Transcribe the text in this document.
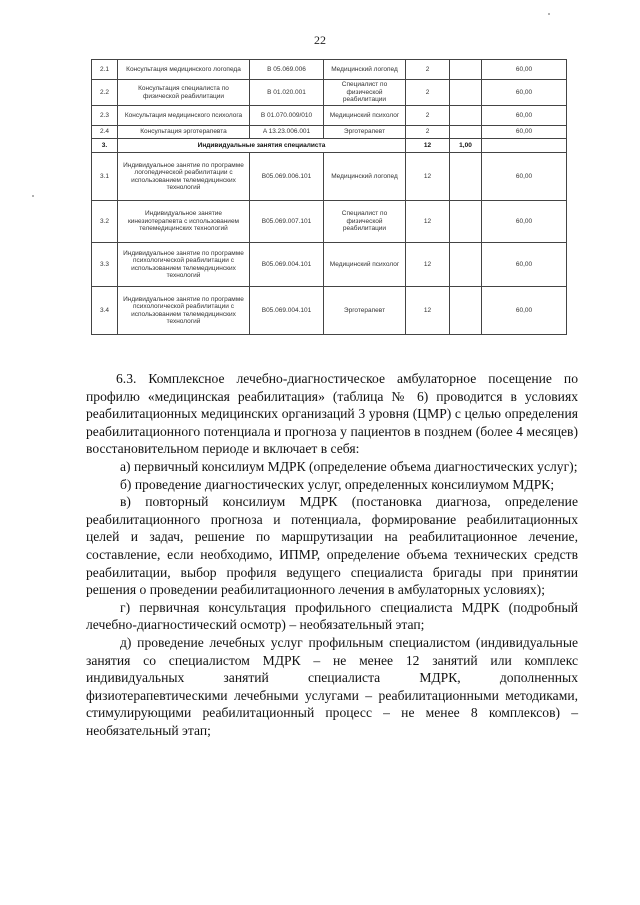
22
2.1	Консультация медицинского логопеда	B 05.069.006	Медицинский логопед	2		60,00
2.2	Консультация специалиста по физической реабилитации	B 01.020.001	Специалист по физической реабилитации	2		60,00
2.3	Консультация медицинского психолога	B 01.070.009/010	Медицинский психолог	2		60,00
2.4	Консультация эрготерапевта	A 13.23.006.001	Эрготерапевт	2		60,00
3.	Индивидуальные занятия специалиста			12	1,00	
3.1	Индивидуальное занятие по программе логопедической реабилитации с использованием телемедицинских технологий	B05.069.006.101	Медицинский логопед	12		60,00
3.2	Индивидуальное занятие кинезиотерапевта с использованием телемедицинских технологий	B05.069.007.101	Специалист по физической реабилитации	12		60,00
3.3	Индивидуальное занятие по программе психологической реабилитации с использованием телемедицинских технологий	B05.069.004.101	Медицинский психолог	12		60,00
3.4	Индивидуальное занятие по программе психологической реабилитации с использованием телемедицинских технологий	B05.069.004.101	Эрготерапевт	12		60,00

6.3. Комплексное лечебно-диагностическое амбулаторное посещение по профилю «медицинская реабилитация» (таблица № 6) проводится в условиях реабилитационных медицинских организаций 3 уровня (ЦМР) с целью определения реабилитационного потенциала и прогноза у пациентов в позднем (более 4 месяцев) восстановительном периоде и включает в себя:

а) первичный консилиум МДРК (определение объема диагностических услуг);

б) проведение диагностических услуг, определенных консилиумом МДРК;

в) повторный консилиум МДРК (постановка диагноза, определение реабилитационного прогноза и потенциала, формирование реабилитационных целей и задач, решение по маршрутизации на реабилитационное лечение, составление, если необходимо, ИПМР, определение объема технических средств реабилитации, выбор профиля ведущего специалиста бригады при принятии решения о проведении реабилитационного лечения в амбулаторных условиях);

г) первичная консультация профильного специалиста МДРК (подробный лечебно-диагностический осмотр) – необязательный этап;

д) проведение лечебных услуг профильным специалистом (индивидуальные занятия со специалистом МДРК – не менее 12 занятий или комплекс индивидуальных занятий специалиста МДРК, дополненных физиотерапевтическими лечебными услугами – реабилитационными методиками, стимулирующими реабилитационный процесс – не менее 8 комплексов) – необязательный этап;
